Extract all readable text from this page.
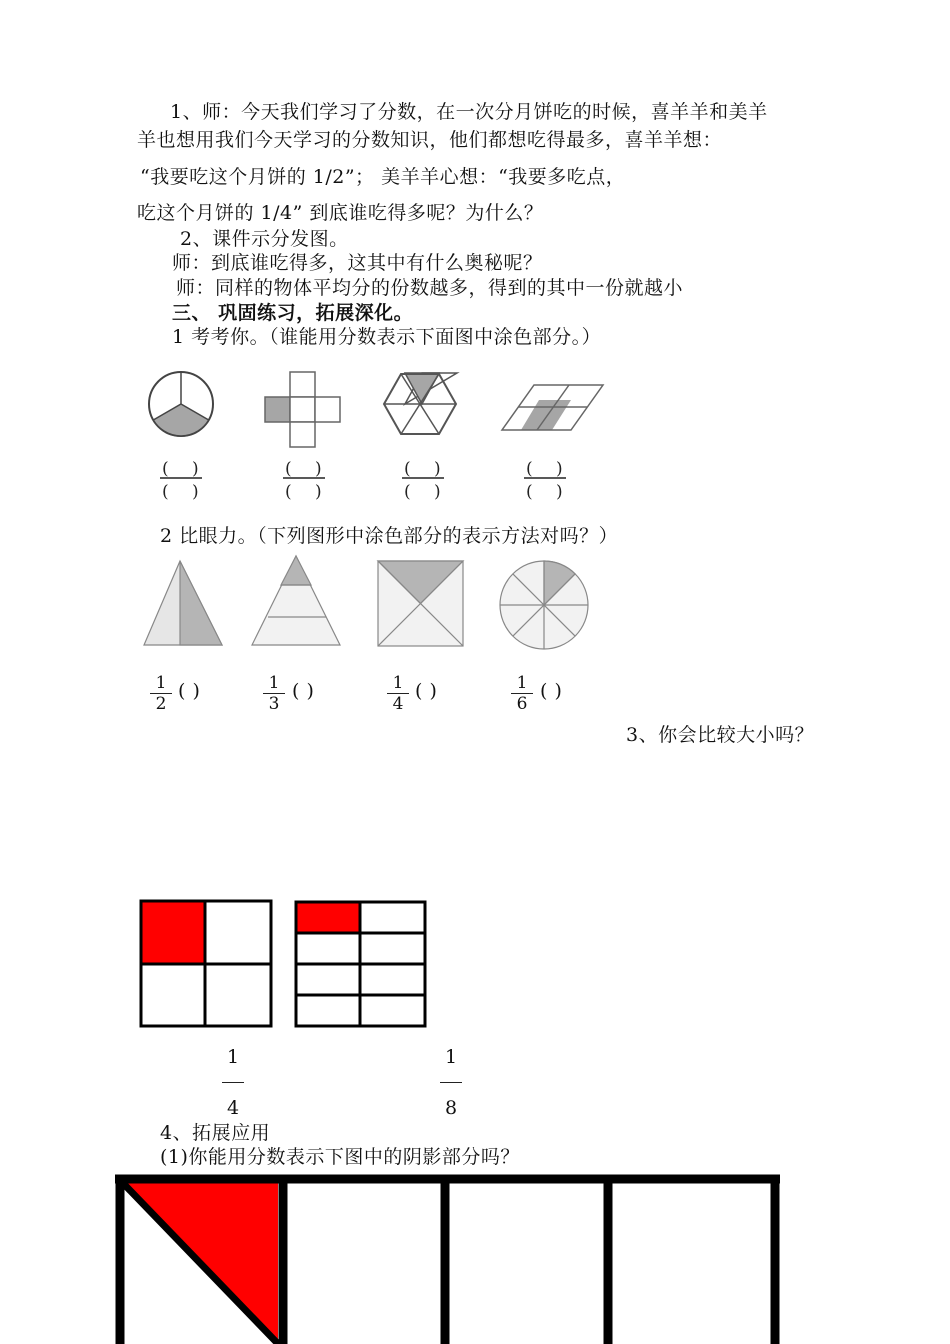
1、师：今天我们学习了分数，在一次分月饼吃的时候，喜羊羊和美羊
羊也想用我们今天学习的分数知识，他们都想吃得最多，喜羊羊想：
“我要吃这个月饼的 1/2”； 美羊羊心想：“我要多吃点，
吃这个月饼的 1/4” 到底谁吃得多呢？为什么？
2、课件示分发图。
师：到底谁吃得多，这其中有什么奥秘呢？
师：同样的物体平均分的份数越多，得到的其中一份就越小
三、 巩固练习，拓展深化。
1 考考你。（谁能用分数表示下面图中涂色部分。）
( )
( )
( )
( )
( )
( )
( )
( )
2 比眼力。（下列图形中涂色部分的表示方法对吗？）
$\frac{1}{2}$ ( )	$\frac{1}{3}$ ( )	$\frac{1}{4}$ ( )	$\frac{1}{6}$ ( )
3、你会比较大小吗？
$\frac{1}{4}$	$\frac{1}{8}$
4、拓展应用
(1)你能用分数表示下图中的阴影部分吗？
